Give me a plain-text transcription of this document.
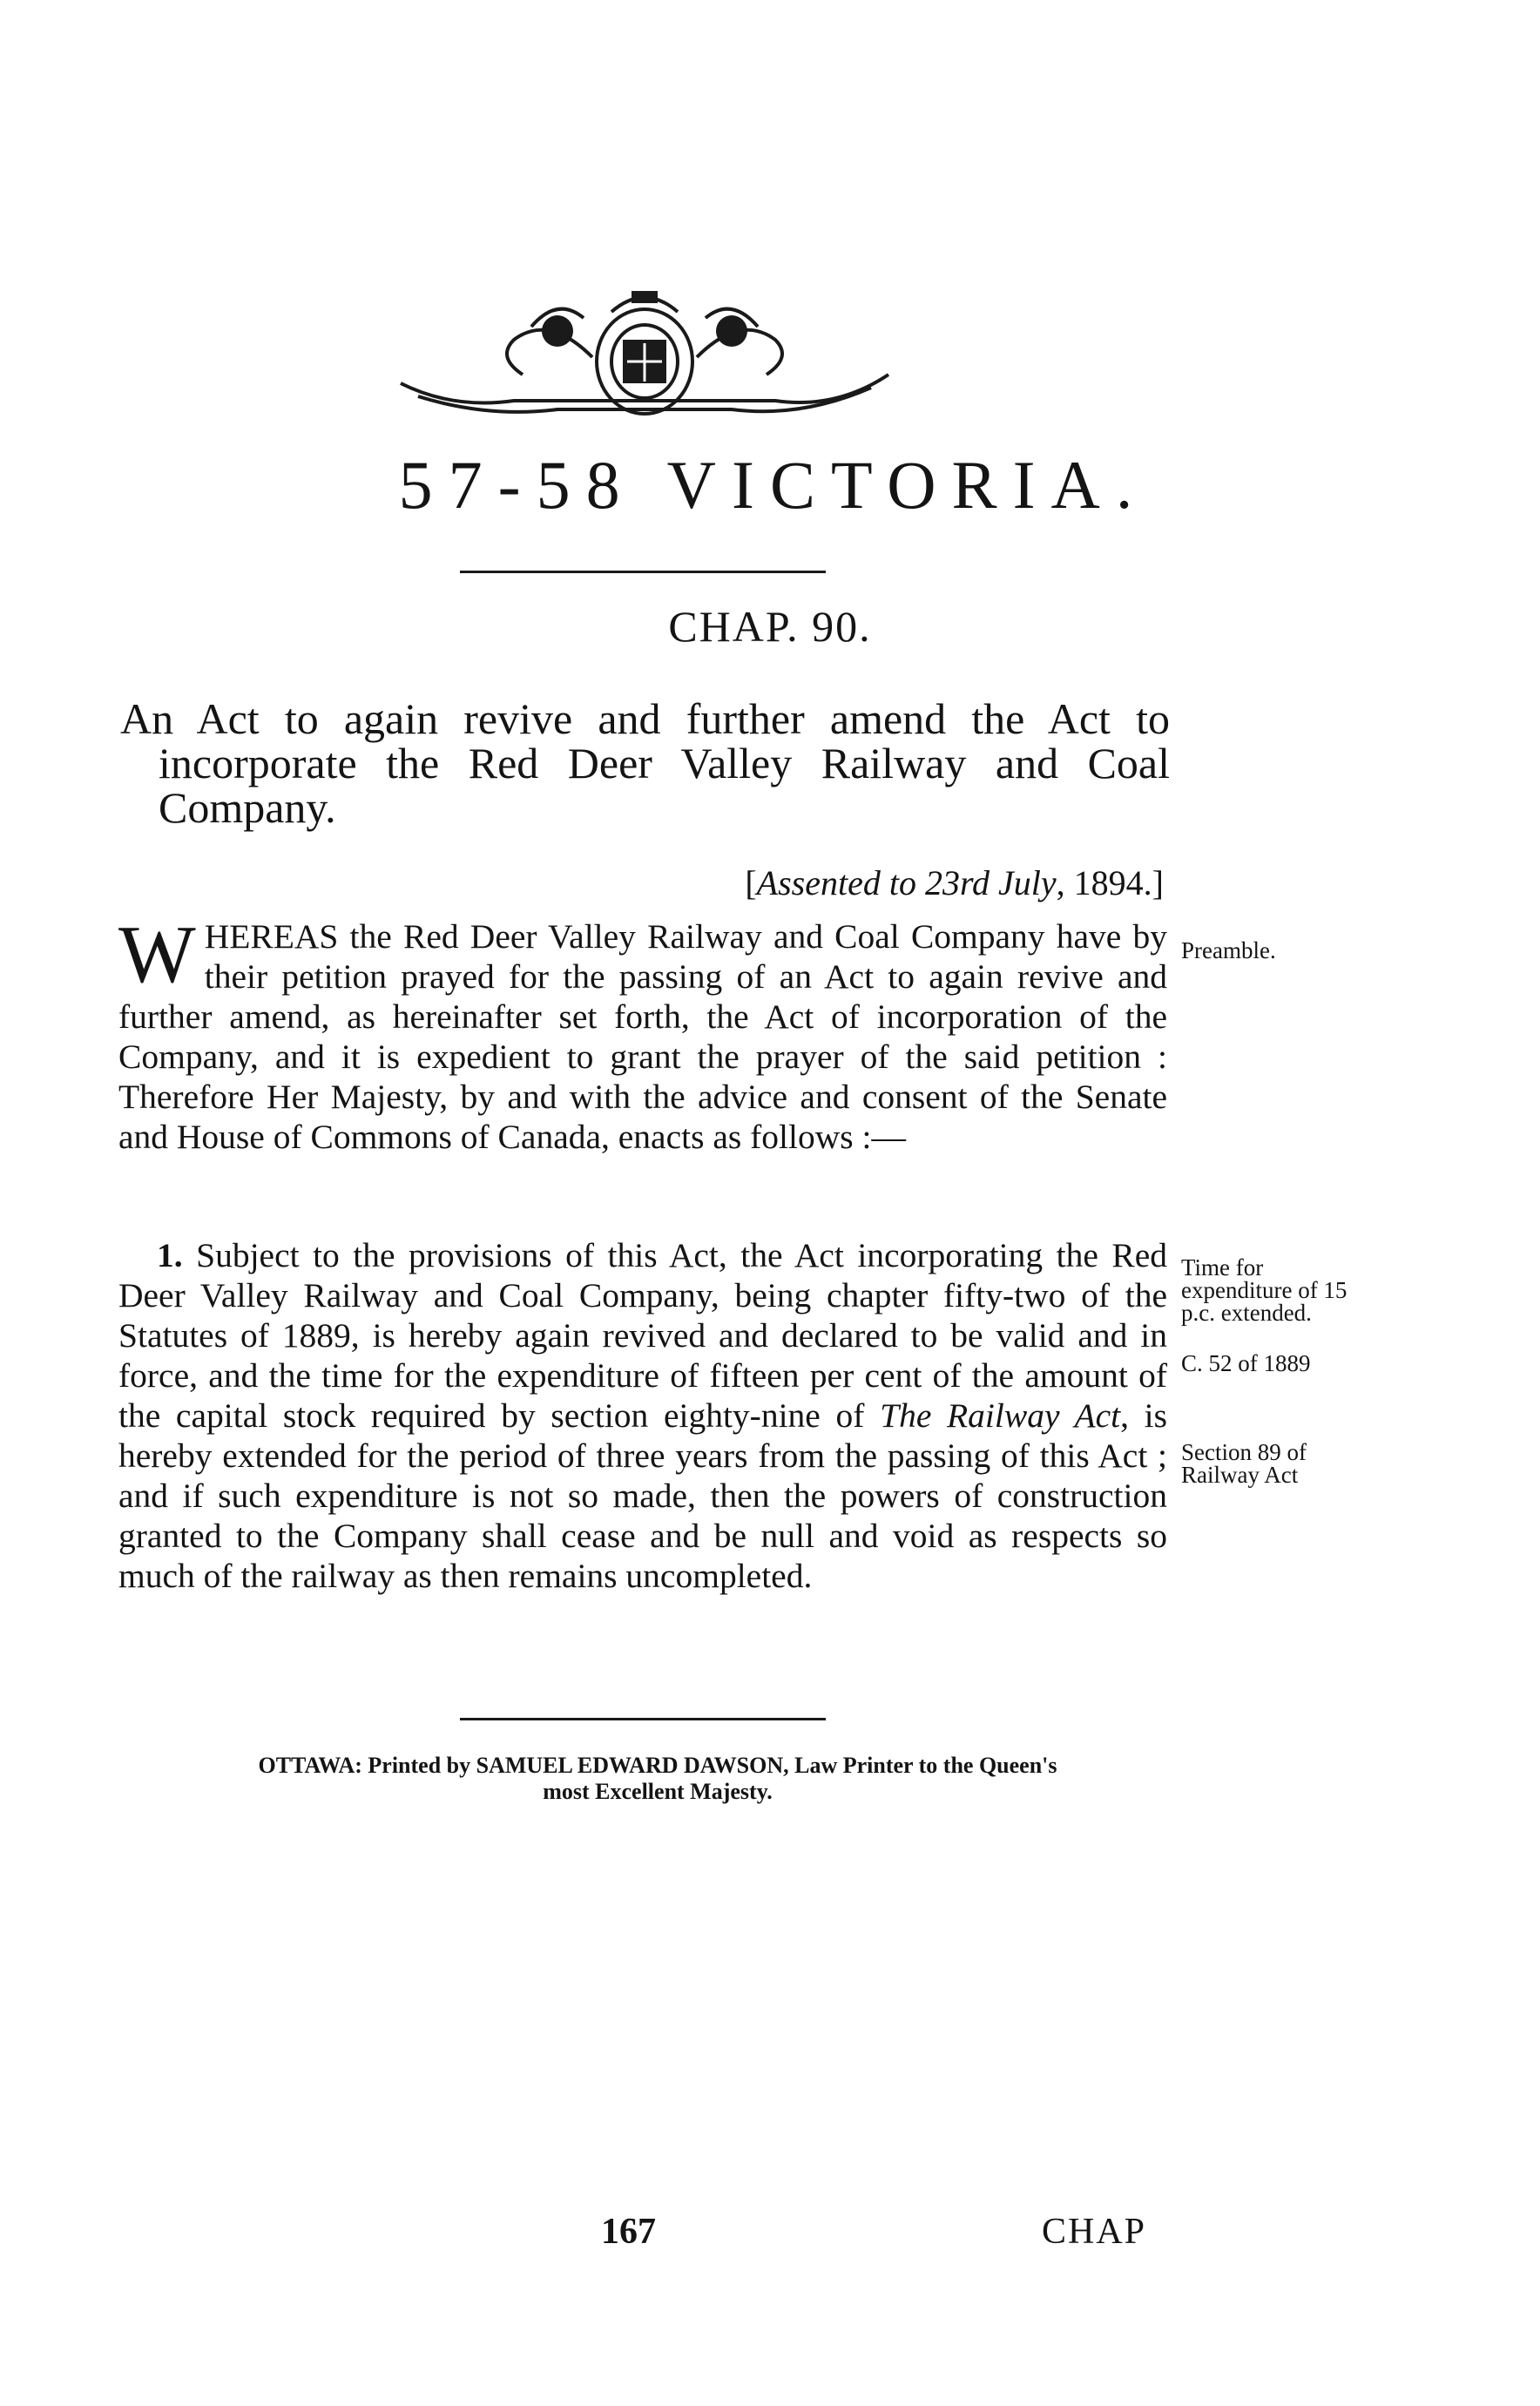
57-58 VICTORIA.
CHAP. 90.
An Act to again revive and further amend the Act to incorporate the Red Deer Valley Railway and Coal Company.
[Assented to 23rd July, 1894.]
WHEREAS the Red Deer Valley Railway and Coal Company have by their petition prayed for the passing of an Act to again revive and further amend, as hereinafter set forth, the Act of incorporation of the Company, and it is expedient to grant the prayer of the said petition : Therefore Her Majesty, by and with the advice and consent of the Senate and House of Commons of Canada, enacts as follows :—
Preamble.
1. Subject to the provisions of this Act, the Act incorporating the Red Deer Valley Railway and Coal Company, being chapter fifty-two of the Statutes of 1889, is hereby again revived and declared to be valid and in force, and the time for the expenditure of fifteen per cent of the amount of the capital stock required by section eighty-nine of The Railway Act, is hereby extended for the period of three years from the passing of this Act ; and if such expenditure is not so made, then the powers of construction granted to the Company shall cease and be null and void as respects so much of the railway as then remains uncompleted.
Time for expenditure of 15 p.c. extended.
C. 52 of 1889
Section 89 of Railway Act
OTTAWA: Printed by SAMUEL EDWARD DAWSON, Law Printer to the Queen's
most Excellent Majesty.
167	CHAP
